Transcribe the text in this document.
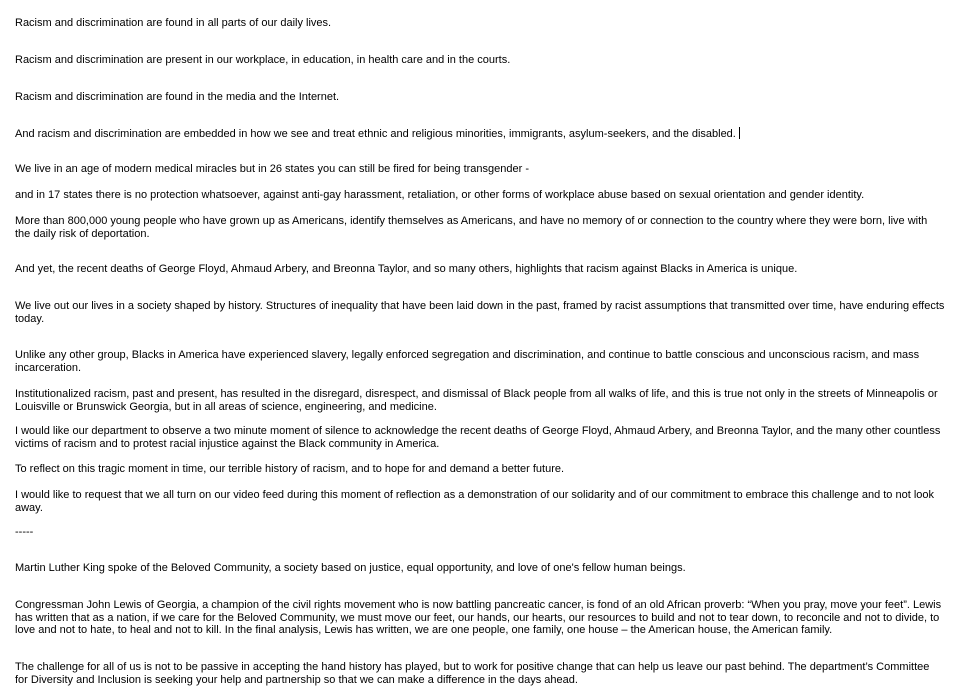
Racism and discrimination are found in all parts of our daily lives.

Racism and discrimination are present in our workplace, in education, in health care and in the courts.

Racism and discrimination are found in the media and the Internet.

And racism and discrimination are embedded in how we see and treat ethnic and religious minorities, immigrants, asylum-seekers, and the disabled.

We live in an age of modern medical miracles but in 26 states you can still be fired for being transgender -

and in 17 states there is no protection whatsoever, against anti-gay harassment, retaliation, or other forms of workplace abuse based on sexual orientation and gender identity.

More than 800,000 young people who have grown up as Americans, identify themselves as Americans, and have no memory of or connection to the country where they were born, live with the daily risk of deportation.

And yet, the recent deaths of George Floyd, Ahmaud Arbery, and Breonna Taylor, and so many others, highlights that racism against Blacks in America is unique.

We live out our lives in a society shaped by history. Structures of inequality that have been laid down in the past, framed by racist assumptions that transmitted over time, have enduring effects today.

Unlike any other group, Blacks in America have experienced slavery, legally enforced segregation and discrimination, and continue to battle conscious and unconscious racism, and mass incarceration.

Institutionalized racism, past and present, has resulted in the disregard, disrespect, and dismissal of Black people from all walks of life, and this is true not only in the streets of Minneapolis or Louisville or Brunswick Georgia, but in all areas of science, engineering, and medicine.

I would like our department to observe a two minute moment of silence to acknowledge the recent deaths of George Floyd, Ahmaud Arbery, and Breonna Taylor, and the many other countless victims of racism and to protest racial injustice against the Black community in America.

To reflect on this tragic moment in time, our terrible history of racism, and to hope for and demand a better future.

I would like to request that we all turn on our video feed during this moment of reflection as a demonstration of our solidarity and of our commitment to embrace this challenge and to not look away.

-----

Martin Luther King spoke of the Beloved Community, a society based on justice, equal opportunity, and love of one's fellow human beings.

Congressman John Lewis of Georgia, a champion of the civil rights movement who is now battling pancreatic cancer, is fond of an old African proverb: “When you pray, move your feet”. Lewis has written that as a nation, if we care for the Beloved Community, we must move our feet, our hands, our hearts, our resources to build and not to tear down, to reconcile and not to divide, to love and not to hate, to heal and not to kill. In the final analysis, Lewis has written, we are one people, one family, one house – the American house, the American family.

The challenge for all of us is not to be passive in accepting the hand history has played, but to work for positive change that can help us leave our past behind. The department’s Committee for Diversity and Inclusion is seeking your help and partnership so that we can make a difference in the days ahead.
